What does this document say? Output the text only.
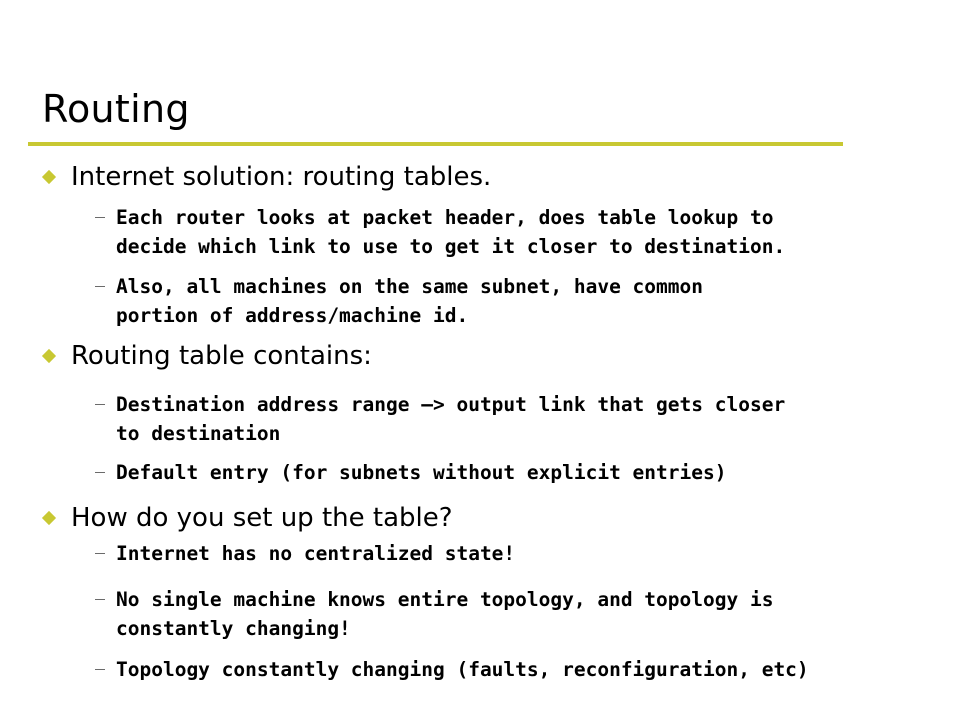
Routing
Internet solution: routing tables.
Each router looks at packet header, does table lookup to
decide which link to use to get it closer to destination.
Also, all machines on the same subnet, have common
portion of address/machine id.
Routing table contains:
Destination address range –> output link that gets closer
to destination
Default entry (for subnets without explicit entries)
How do you set up the table?
Internet has no centralized state!
No single machine knows entire topology, and topology is
constantly changing!
Topology constantly changing (faults, reconfiguration, etc)
